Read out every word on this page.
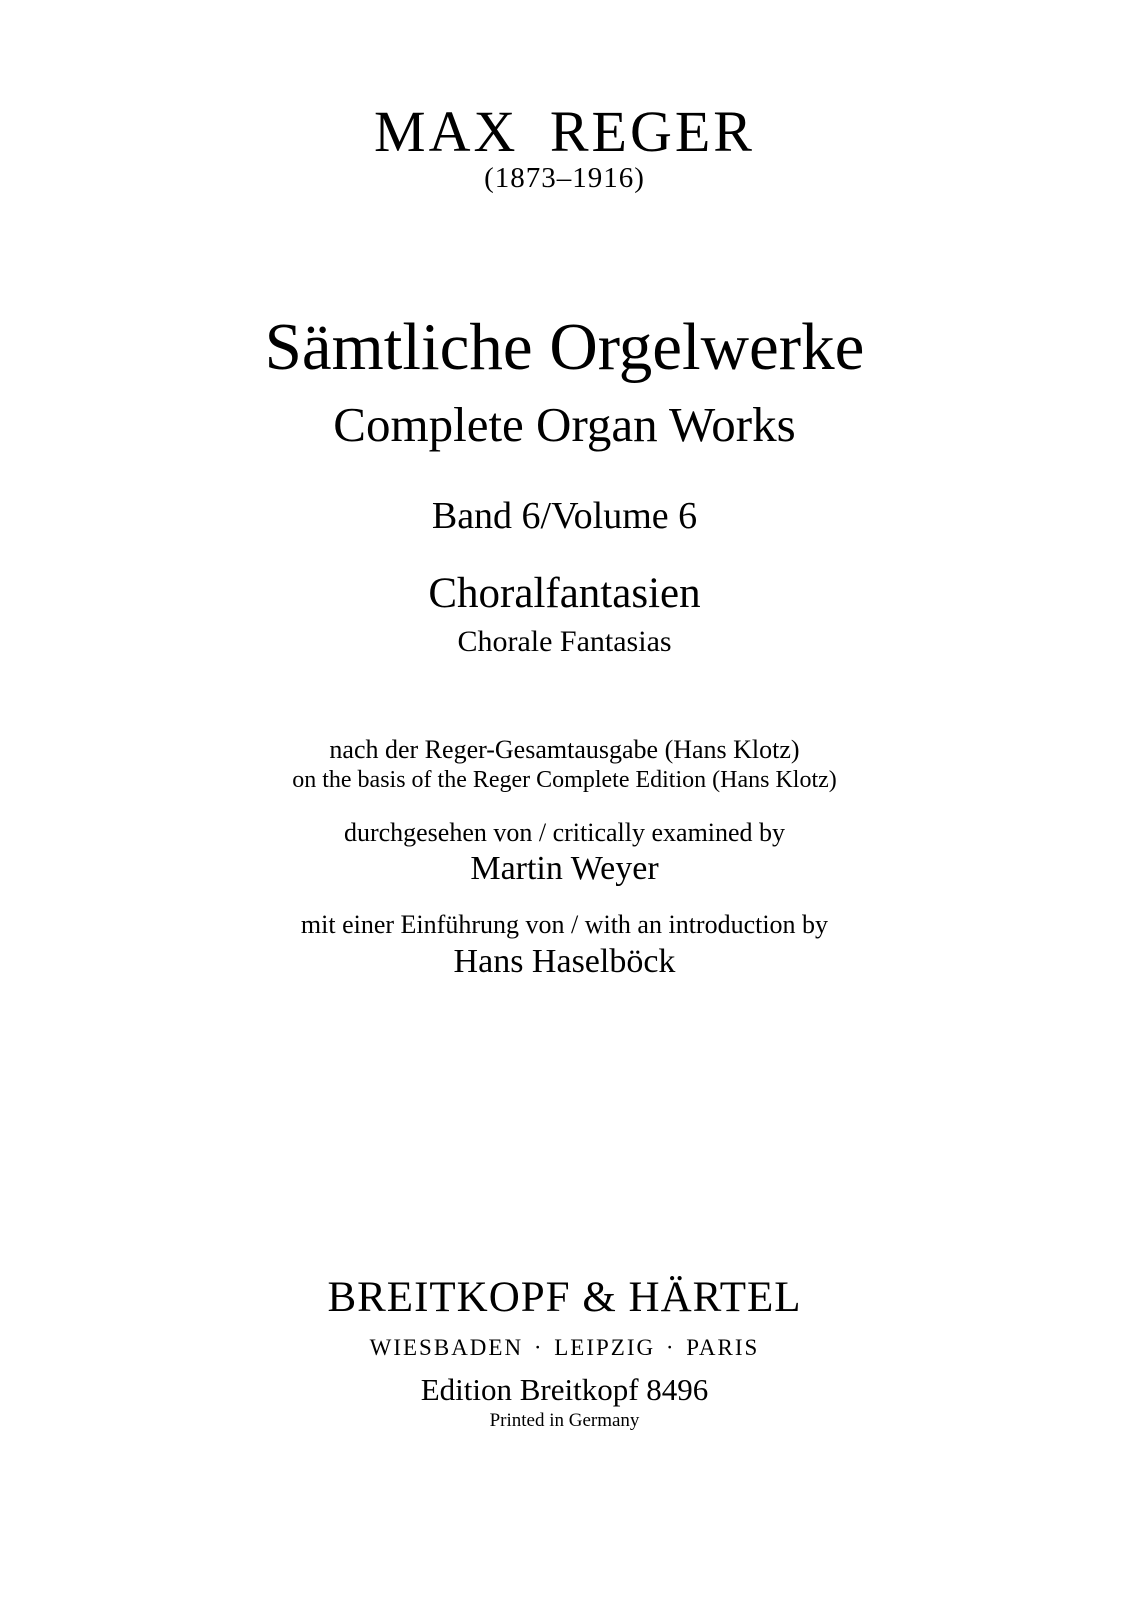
MAX REGER
(1873–1916)
Sämtliche Orgelwerke
Complete Organ Works
Band 6/Volume 6
Choralfantasien
Chorale Fantasias
nach der Reger-Gesamtausgabe (Hans Klotz)
on the basis of the Reger Complete Edition (Hans Klotz)
durchgesehen von / critically examined by
Martin Weyer
mit einer Einführung von / with an introduction by
Hans Haselböck
BREITKOPF & HÄRTEL
WIESBADEN · LEIPZIG · PARIS
Edition Breitkopf 8496
Printed in Germany
